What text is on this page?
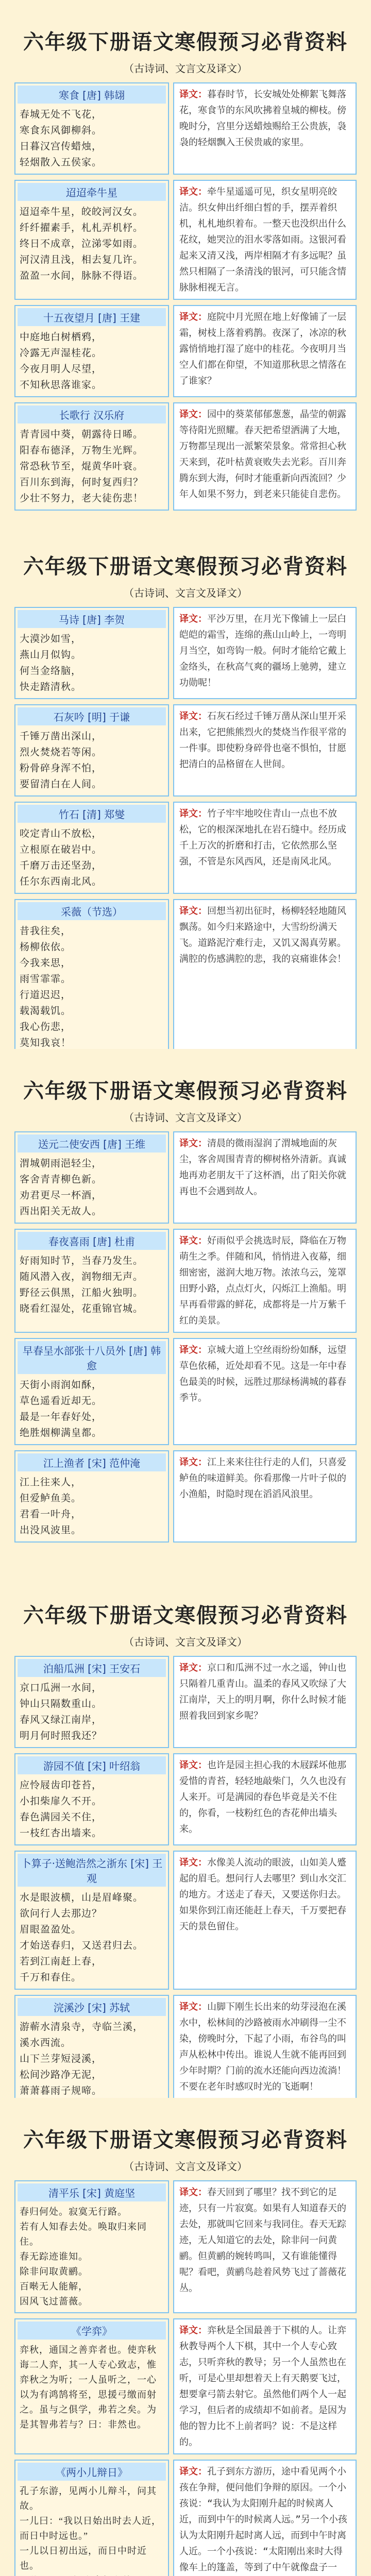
六年级下册语文寒假预习必背资料
（古诗词、文言文及译文）
寒食 [唐] 韩翃
春城无处不飞花，
寒食东风御柳斜。
日暮汉宫传蜡烛，
轻烟散入五侯家。
译文：暮春时节，长安城处处柳絮飞舞落花，寒食节的东风吹拂着皇城的柳枝。傍晚时分，宫里分送蜡烛赐给王公贵族，袅袅的轻烟飘入王侯贵戚的家里。
迢迢牵牛星
迢迢牵牛星，皎皎河汉女。
纤纤擢素手，札札弄机杼。
终日不成章，泣涕零如雨。
河汉清且浅，相去复几许。
盈盈一水间，脉脉不得语。
译文：牵牛星遥遥可见，织女星明亮皎洁。织女伸出纤细白皙的手，摆弄着织机，札札地织着布。一整天也没织出什么花纹，她哭泣的泪水零落如雨。这银河看起来又清又浅，两岸相隔才有多远呢？虽然只相隔了一条清浅的银河，可只能含情脉脉相视无言。
十五夜望月 [唐] 王建
中庭地白树栖鸦，
冷露无声湿桂花。
今夜月明人尽望，
不知秋思落谁家。
译文：庭院中月光照在地上好像铺了一层霜，树枝上落着鸦鹊。夜深了，冰凉的秋露悄悄地打湿了庭中的桂花。今夜明月当空人们都在仰望，不知道那秋思之情落在了谁家？
长歌行 汉乐府
青青园中葵，朝露待日晞。
阳春布德泽，万物生光辉。
常恐秋节至，焜黄华叶衰。
百川东到海，何时复西归？
少壮不努力，老大徒伤悲！
译文：园中的葵菜郁郁葱葱，晶莹的朝露等待阳光照耀。春天把希望洒满了大地，万物都呈现出一派繁荣景象。常常担心秋天来到，花叶枯黄衰败失去光彩。百川奔腾东到大海，何时才能重新向西流回？少年人如果不努力，到老来只能徒自悲伤。
六年级下册语文寒假预习必背资料
（古诗词、文言文及译文）
马诗 [唐] 李贺
大漠沙如雪，
燕山月似钩。
何当金络脑，
快走踏清秋。
译文：平沙万里，在月光下像铺上一层白皑皑的霜雪，连绵的燕山山岭上，一弯明月当空，如弯钩一般。何时才能给它戴上金络头，在秋高气爽的疆场上驰骋，建立功勋呢！
石灰吟 [明] 于谦
千锤万凿出深山，
烈火焚烧若等闲。
粉骨碎身浑不怕，
要留清白在人间。
译文：石灰石经过千锤万凿从深山里开采出来，它把熊熊烈火的焚烧当作很平常的一件事。即使粉身碎骨也毫不惧怕，甘愿把清白的品格留在人世间。
竹石 [清] 郑燮
咬定青山不放松，
立根原在破岩中。
千磨万击还坚劲，
任尔东西南北风。
译文：竹子牢牢地咬住青山一点也不放松，它的根深深地扎在岩石缝中。经历成千上万次的折磨和打击，它依然那么坚强，不管是东风西风，还是南风北风。
采薇（节选）
昔我往矣，
杨柳依依。
今我来思，
雨雪霏霏。
行道迟迟，
载渴载饥。
我心伤悲，
莫知我哀！
译文：回想当初出征时，杨柳轻轻地随风飘荡。如今归来路途中，大雪纷纷满天飞。道路泥泞难行走，又饥又渴真劳累。满腔的伤感满腔的悲，我的哀痛谁体会！
六年级下册语文寒假预习必背资料
（古诗词、文言文及译文）
送元二使安西 [唐] 王维
渭城朝雨浥轻尘，
客舍青青柳色新。
劝君更尽一杯酒，
西出阳关无故人。
译文：清晨的微雨湿润了渭城地面的灰尘，客舍周围青青的柳树格外清新。真诚地再劝老朋友干了这杯酒，出了阳关你就再也不会遇到故人。
春夜喜雨 [唐] 杜甫
好雨知时节，当春乃发生。
随风潜入夜，润物细无声。
野径云俱黑，江船火独明。
晓看红湿处，花重锦官城。
译文：好雨似乎会挑选时辰，降临在万物萌生之季。伴随和风，悄悄进入夜幕，细细密密，滋润大地万物。浓浓乌云，笼罩田野小路，点点灯火，闪烁江上渔船。明早再看带露的鲜花，成都将是一片万紫千红的美景。
早春呈水部张十八员外 [唐] 韩愈
天街小雨润如酥，
草色遥看近却无。
最是一年春好处，
绝胜烟柳满皇都。
译文：京城大道上空丝雨纷纷如酥，远望草色依稀，近处却看不见。这是一年中春色最美的时候，远胜过那绿杨满城的暮春季节。
江上渔者 [宋] 范仲淹
江上往来人，
但爱鲈鱼美。
君看一叶舟，
出没风波里。
译文：江上来来往往行走的人们，只喜爱鲈鱼的味道鲜美。你看那像一片叶子似的小渔船，时隐时现在滔滔风浪里。
六年级下册语文寒假预习必背资料
（古诗词、文言文及译文）
泊船瓜洲 [宋] 王安石
京口瓜洲一水间，
钟山只隔数重山。
春风又绿江南岸，
明月何时照我还？
译文：京口和瓜洲不过一水之遥，钟山也只隔着几重青山。温柔的春风又吹绿了大江南岸，天上的明月啊，你什么时候才能照着我回到家乡呢？
游园不值 [宋] 叶绍翁
应怜屐齿印苍苔，
小扣柴扉久不开。
春色满园关不住，
一枝红杏出墙来。
译文：也许是园主担心我的木屐踩坏他那爱惜的青苔，轻轻地敲柴门，久久也没有人来开。可是满园的春色毕竟是关不住的，你看，一枝粉红色的杏花伸出墙头来。
卜算子·送鲍浩然之浙东 [宋] 王观
水是眼波横，山是眉峰聚。
欲问行人去那边？
眉眼盈盈处。
才始送春归，又送君归去。
若到江南赶上春，
千万和春住。
译文：水像美人流动的眼波，山如美人蹙起的眉毛。想问行人去哪里？到山水交汇的地方。才送走了春天，又要送你归去。如果你到江南还能赶上春天，千万要把春天的景色留住。
浣溪沙 [宋] 苏轼
游蕲水清泉寺，寺临兰溪，
溪水西流。
山下兰芽短浸溪，
松间沙路净无泥，
萧萧暮雨子规啼。
译文：山脚下刚生长出来的幼芽浸泡在溪水中，松林间的沙路被雨水冲刷得一尘不染，傍晚时分，下起了小雨，布谷鸟的叫声从松林中传出。谁说人生就不能再回到少年时期？门前的流水还能向西边流淌！不要在老年时感叹时光的飞逝啊！
六年级下册语文寒假预习必背资料
（古诗词、文言文及译文）
清平乐 [宋] 黄庭坚
春归何处。寂寞无行路。
若有人知春去处。唤取归来同住。
春无踪迹谁知。
除非问取黄鹂。
百啭无人能解，
因风飞过蔷薇。
译文：春天回到了哪里？找不到它的足迹，只有一片寂寞。如果有人知道春天的去处，那就叫它回来与我同住。春天无踪迹，无人知道它的去处，除非问一问黄鹂。但黄鹂的婉转鸣叫，又有谁能懂得呢？看吧，黄鹂鸟趁着风势飞过了蔷薇花丛。
《学弈》
弈秋，通国之善弈者也。使弈秋诲二人弈，其一人专心致志，惟弈秋之为听；一人虽听之，一心以为有鸿鹄将至，思援弓缴而射之。虽与之俱学，弗若之矣。为是其智弗若与？曰：非然也。
译文：弈秋是全国最善于下棋的人。让弈秋教导两个人下棋，其中一个人专心致志，只听弈秋的教导；另一个人虽然也在听，可是心里却想着天上有天鹅要飞过，想要拿弓箭去射它。虽然他们两个人一起学习，但后者的成绩却不如前者。是因为他的智力比不上前者吗？说：不是这样的。
《两小儿辩日》
孔子东游，见两小儿辩斗，问其故。
一儿曰：“我以日始出时去人近，而日中时远也。”
一儿以日初出远，而日中时近也。
译文：孔子到东方游历，途中看见两个小孩在争辩，便问他们争辩的原因。一个小孩说：“我认为太阳刚升起的时候离人近，而到中午的时候离人远。”另一个小孩认为太阳刚升起时离人远，而到中午时离人近。一个小孩说：“太阳刚出来时大得像车上的篷盖，等到了中午就像盘子一
